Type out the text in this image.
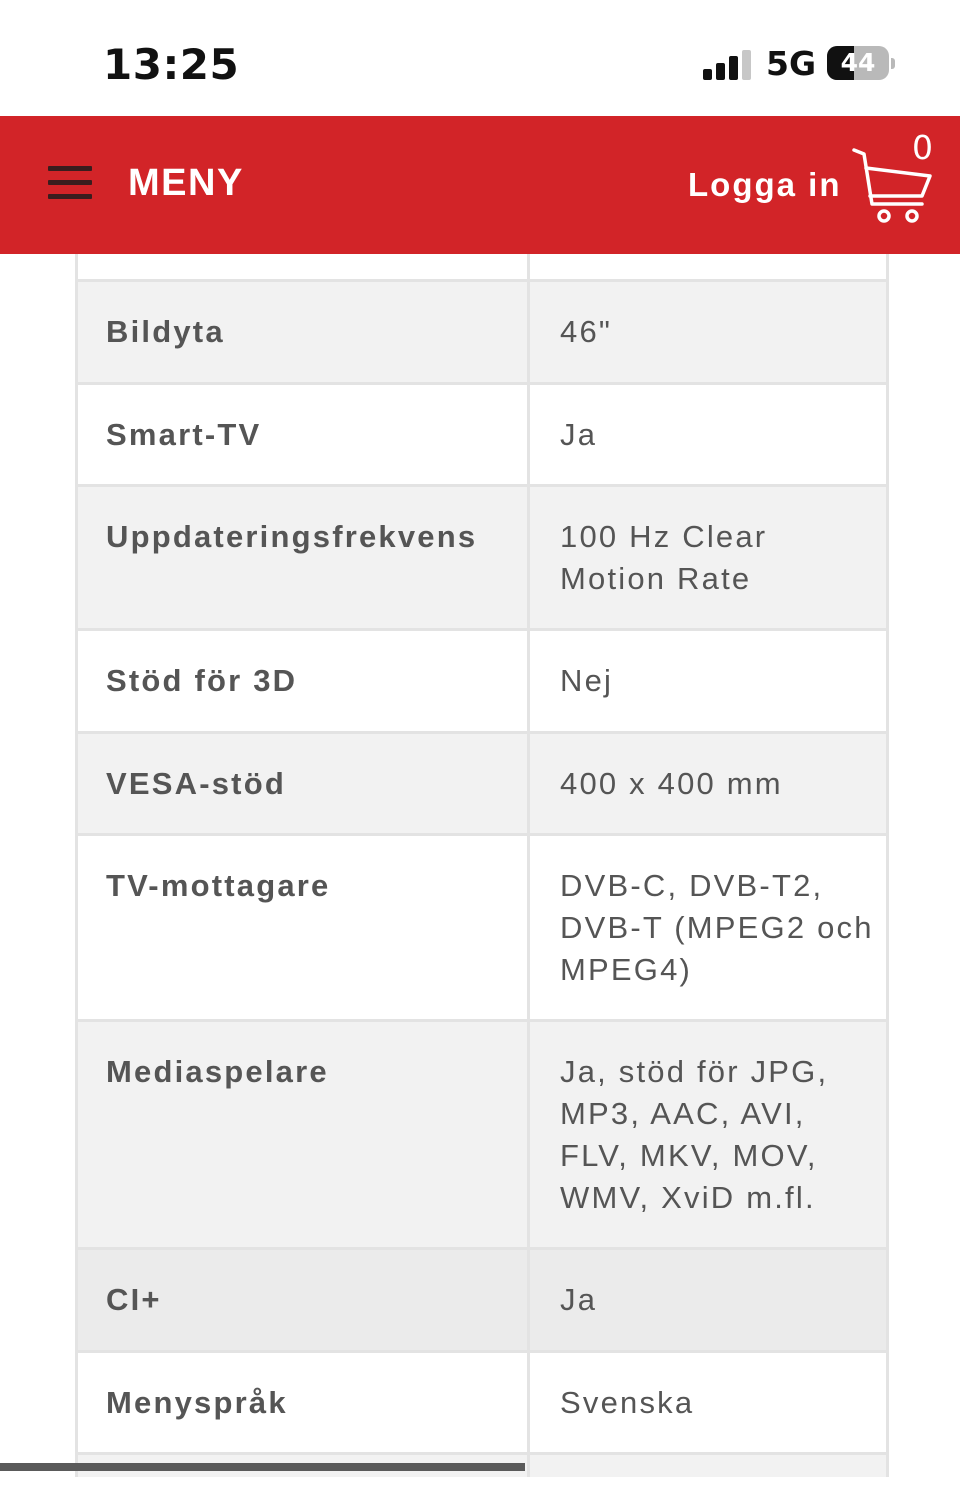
13:25	5G 44
MENY	Logga in
0

Bildyta	46"
Smart-TV	Ja
Uppdateringsfrekvens	100 Hz Clear Motion Rate
Stöd för 3D	Nej
VESA-stöd	400 x 400 mm
TV-mottagare	DVB-C, DVB-T2, DVB-T (MPEG2 och MPEG4)
Mediaspelare	Ja, stöd för JPG, MP3, AAC, AVI, FLV, MKV, MOV, WMV, XviD m.fl.
CI+	Ja
Menyspråk	Svenska
